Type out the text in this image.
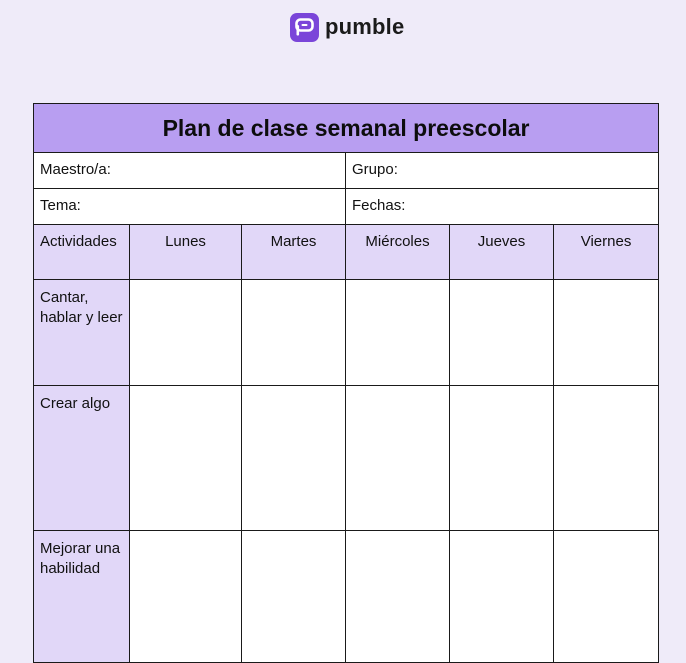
pumble
Plan de clase semanal preescolar					
Maestro/a:			Grupo:		
Tema:			Fechas:		
Actividades	Lunes	Martes	Miércoles	Jueves	Viernes
Cantar, hablar y leer					
Crear algo					
Mejorar una habilidad					
